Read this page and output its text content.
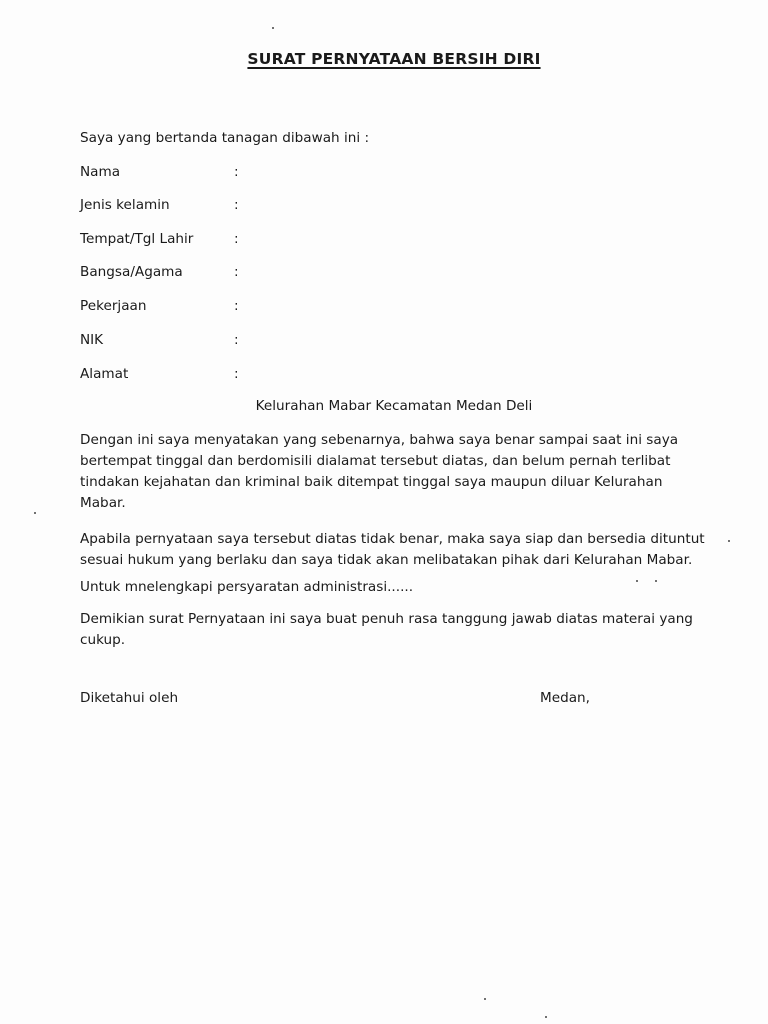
SURAT PERNYATAAN BERSIH DIRI
Saya yang bertanda tanagan dibawah ini :
Nama	:
Jenis kelamin	:
Tempat/Tgl Lahir	:
Bangsa/Agama	:
Pekerjaan	:
NIK	:
Alamat	:
Kelurahan Mabar Kecamatan Medan Deli
Dengan ini saya menyatakan yang sebenarnya, bahwa saya benar sampai saat ini saya
bertempat tinggal dan berdomisili dialamat tersebut diatas, dan belum pernah terlibat
tindakan kejahatan dan kriminal baik ditempat tinggal saya maupun diluar Kelurahan
Mabar.
Apabila pernyataan saya tersebut diatas tidak benar, maka saya siap dan bersedia dituntut
sesuai hukum yang berlaku dan saya tidak akan melibatakan pihak dari Kelurahan Mabar.
Untuk mnelengkapi persyaratan administrasi......
Demikian surat Pernyataan ini saya buat penuh rasa tanggung jawab diatas materai yang
cukup.
Diketahui oleh	Medan,
